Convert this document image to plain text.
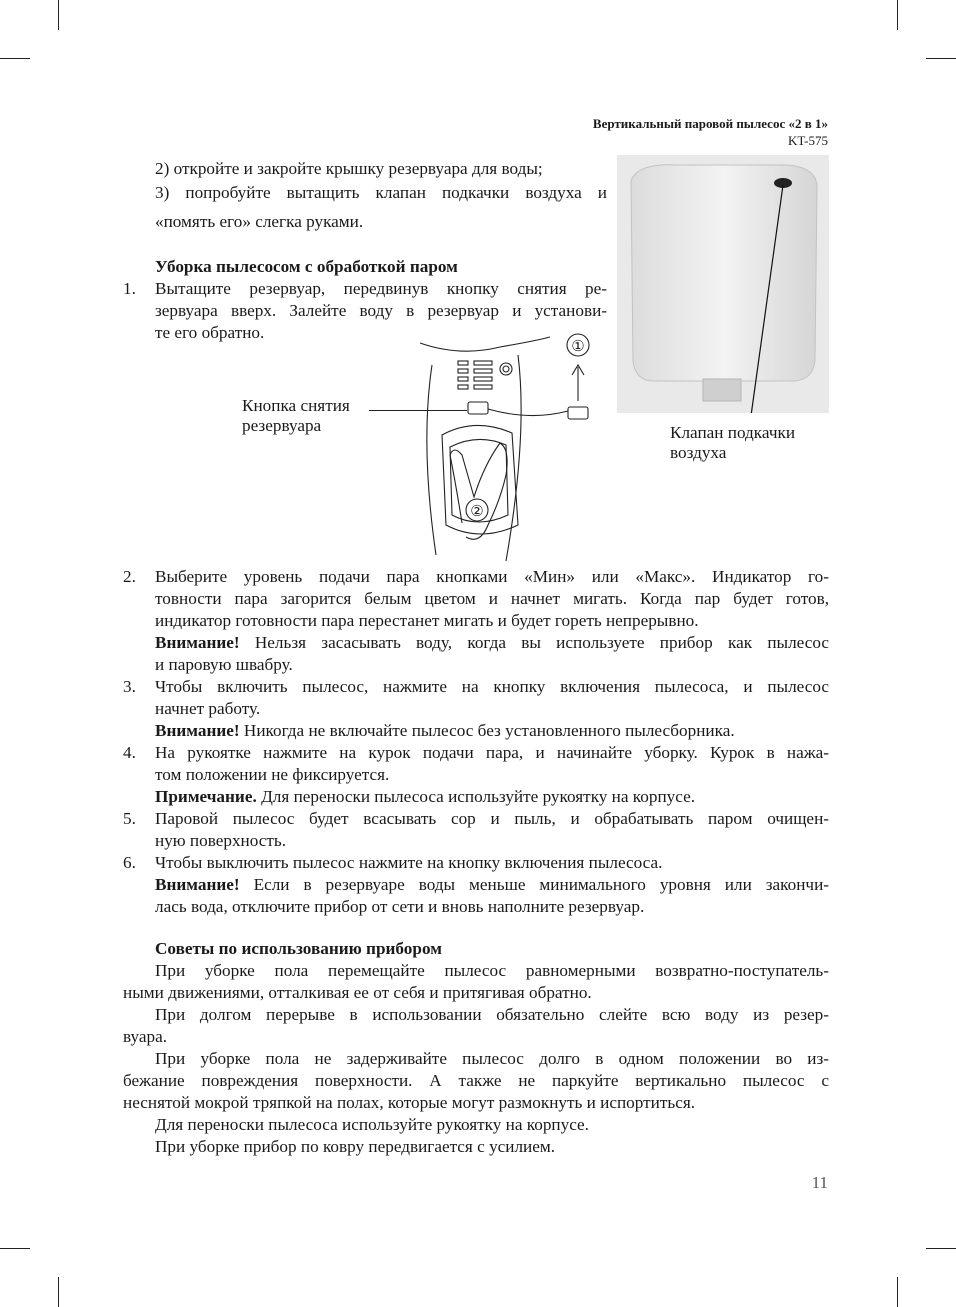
Вертикальный паровой пылесос «2 в 1»
KT-575
2) откройте и закройте крышку резервуара для воды;
3) попробуйте вытащить клапан подкачки воздуха и
«помять его» слегка руками.
Уборка пылесосом с обработкой паром
1. Вытащите резервуар, передвинув кнопку снятия ре-
зервуара вверх. Залейте воду в резервуар и установи-
те его обратно.
Клапан подкачки
воздуха
①
②
Кнопка снятия
резервуара
2. Выберите уровень подачи пара кнопками «Мин» или «Макс». Индикатор го-
товности пара загорится белым цветом и начнет мигать. Когда пар будет готов,
индикатор готовности пара перестанет мигать и будет гореть непрерывно.
Внимание! Нельзя засасывать воду, когда вы используете прибор как пылесос
и паровую швабру.
3. Чтобы включить пылесос, нажмите на кнопку включения пылесоса, и пылесос
начнет работу.
Внимание! Никогда не включайте пылесос без установленного пылесборника.
4. На рукоятке нажмите на курок подачи пара, и начинайте уборку. Курок в нажа-
том положении не фиксируется.
Примечание. Для переноски пылесоса используйте рукоятку на корпусе.
5. Паровой пылесос будет всасывать сор и пыль, и обрабатывать паром очищен-
ную поверхность.
6. Чтобы выключить пылесос нажмите на кнопку включения пылесоса.
Внимание! Если в резервуаре воды меньше минимального уровня или закончи-
лась вода, отключите прибор от сети и вновь наполните резервуар.
Советы по использованию прибором
При уборке пола перемещайте пылесос равномерными возвратно-поступатель-
ными движениями, отталкивая ее от себя и притягивая обратно.
При долгом перерыве в использовании обязательно слейте всю воду из резер-
вуара.
При уборке пола не задерживайте пылесос долго в одном положении во из-
бежание повреждения поверхности. А также не паркуйте вертикально пылесос с
неснятой мокрой тряпкой на полах, которые могут размокнуть и испортиться.
Для переноски пылесоса используйте рукоятку на корпусе.
При уборке прибор по ковру передвигается с усилием.
11
